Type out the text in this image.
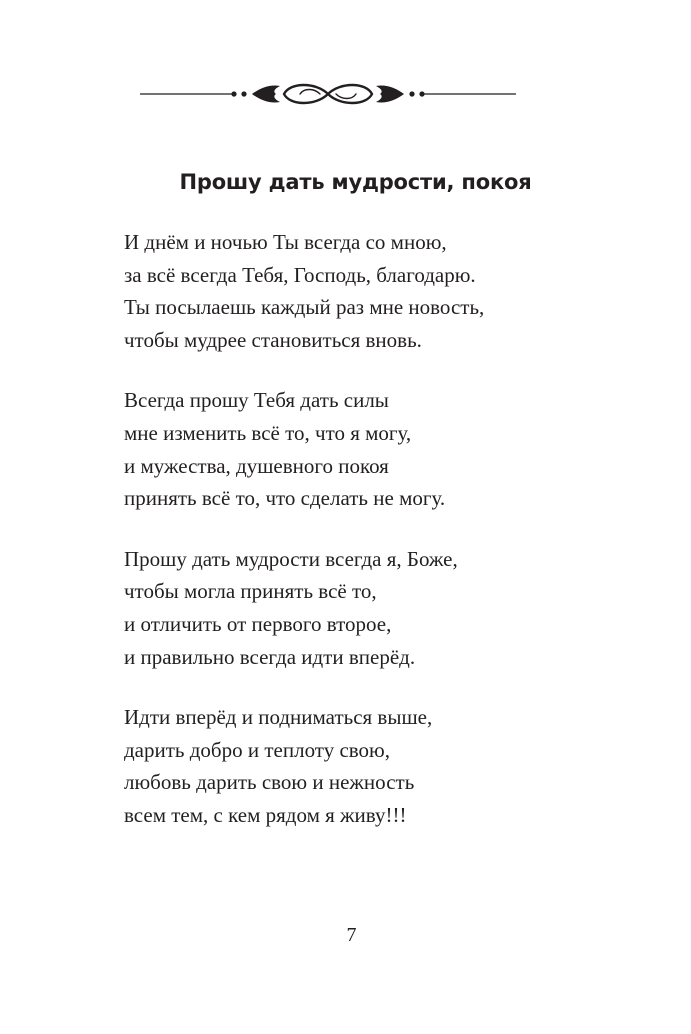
Прошу дать мудрости, покоя
И днём и ночью Ты всегда со мною,
за всё всегда Тебя, Господь, благодарю.
Ты посылаешь каждый раз мне новость,
чтобы мудрее становиться вновь.
Всегда прошу Тебя дать силы
мне изменить всё то, что я могу,
и мужества, душевного покоя
принять всё то, что сделать не могу.
Прошу дать мудрости всегда я, Боже,
чтобы могла принять всё то,
и отличить от первого второе,
и правильно всегда идти вперёд.
Идти вперёд и подниматься выше,
дарить добро и теплоту свою,
любовь дарить свою и нежность
всем тем, с кем рядом я живу!!!
7
